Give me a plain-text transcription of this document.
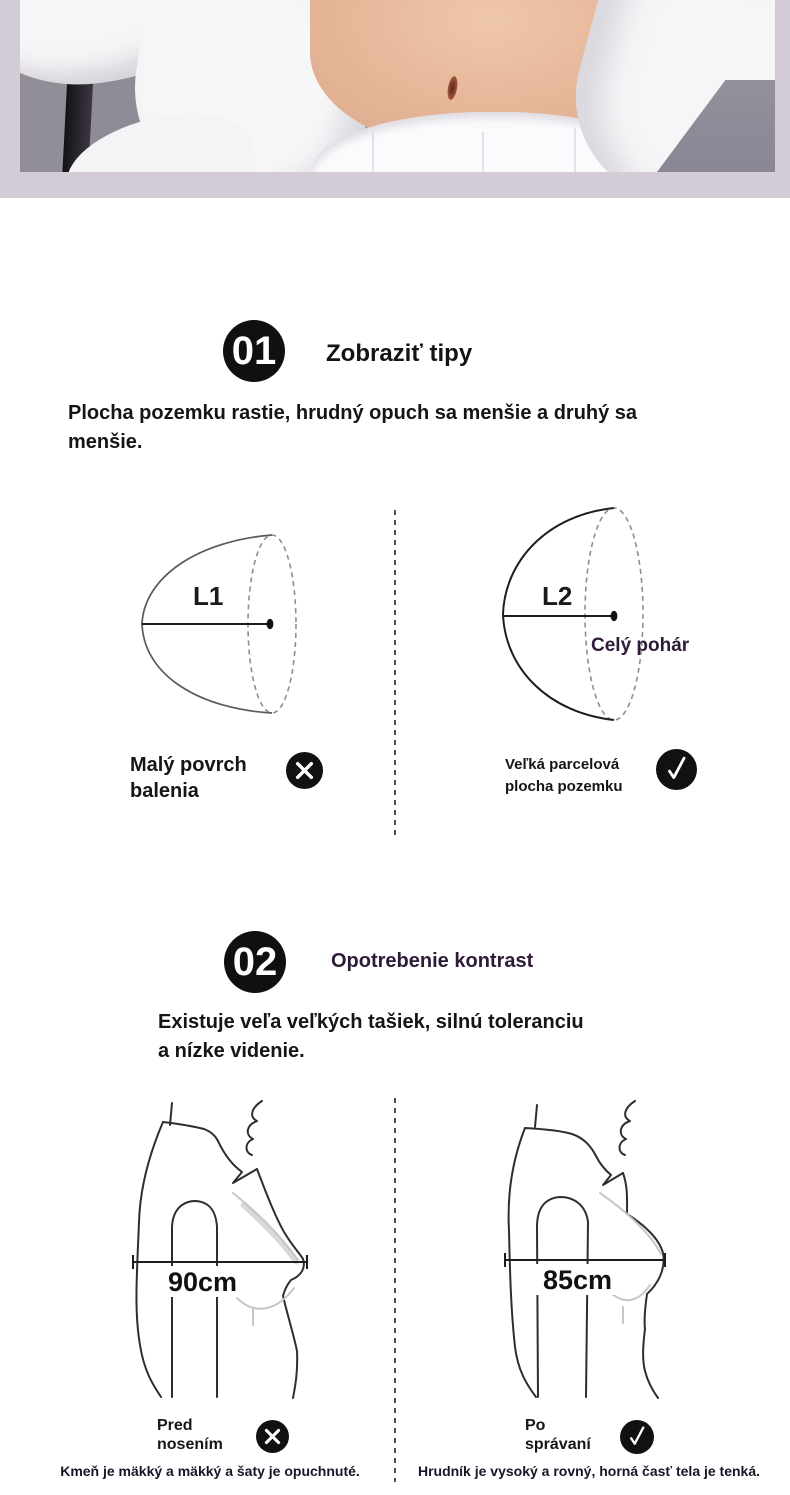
01	Zobraziť tipy
Plocha pozemku rastie, hrudný opuch sa menšie a druhý sa
menšie.
L1	L2
Celý pohár
Malý povrch
balenia
Veľká parcelová
plocha pozemku
02	Opotrebenie kontrast
Existuje veľa veľkých tašiek, silnú toleranciu
a nízke videnie.
90cm	85cm
Pred
nosením
Po
správaní
Kmeň je mäkký a mäkký a šaty je opuchnuté.	Hrudník je vysoký a rovný, horná časť tela je tenká.
